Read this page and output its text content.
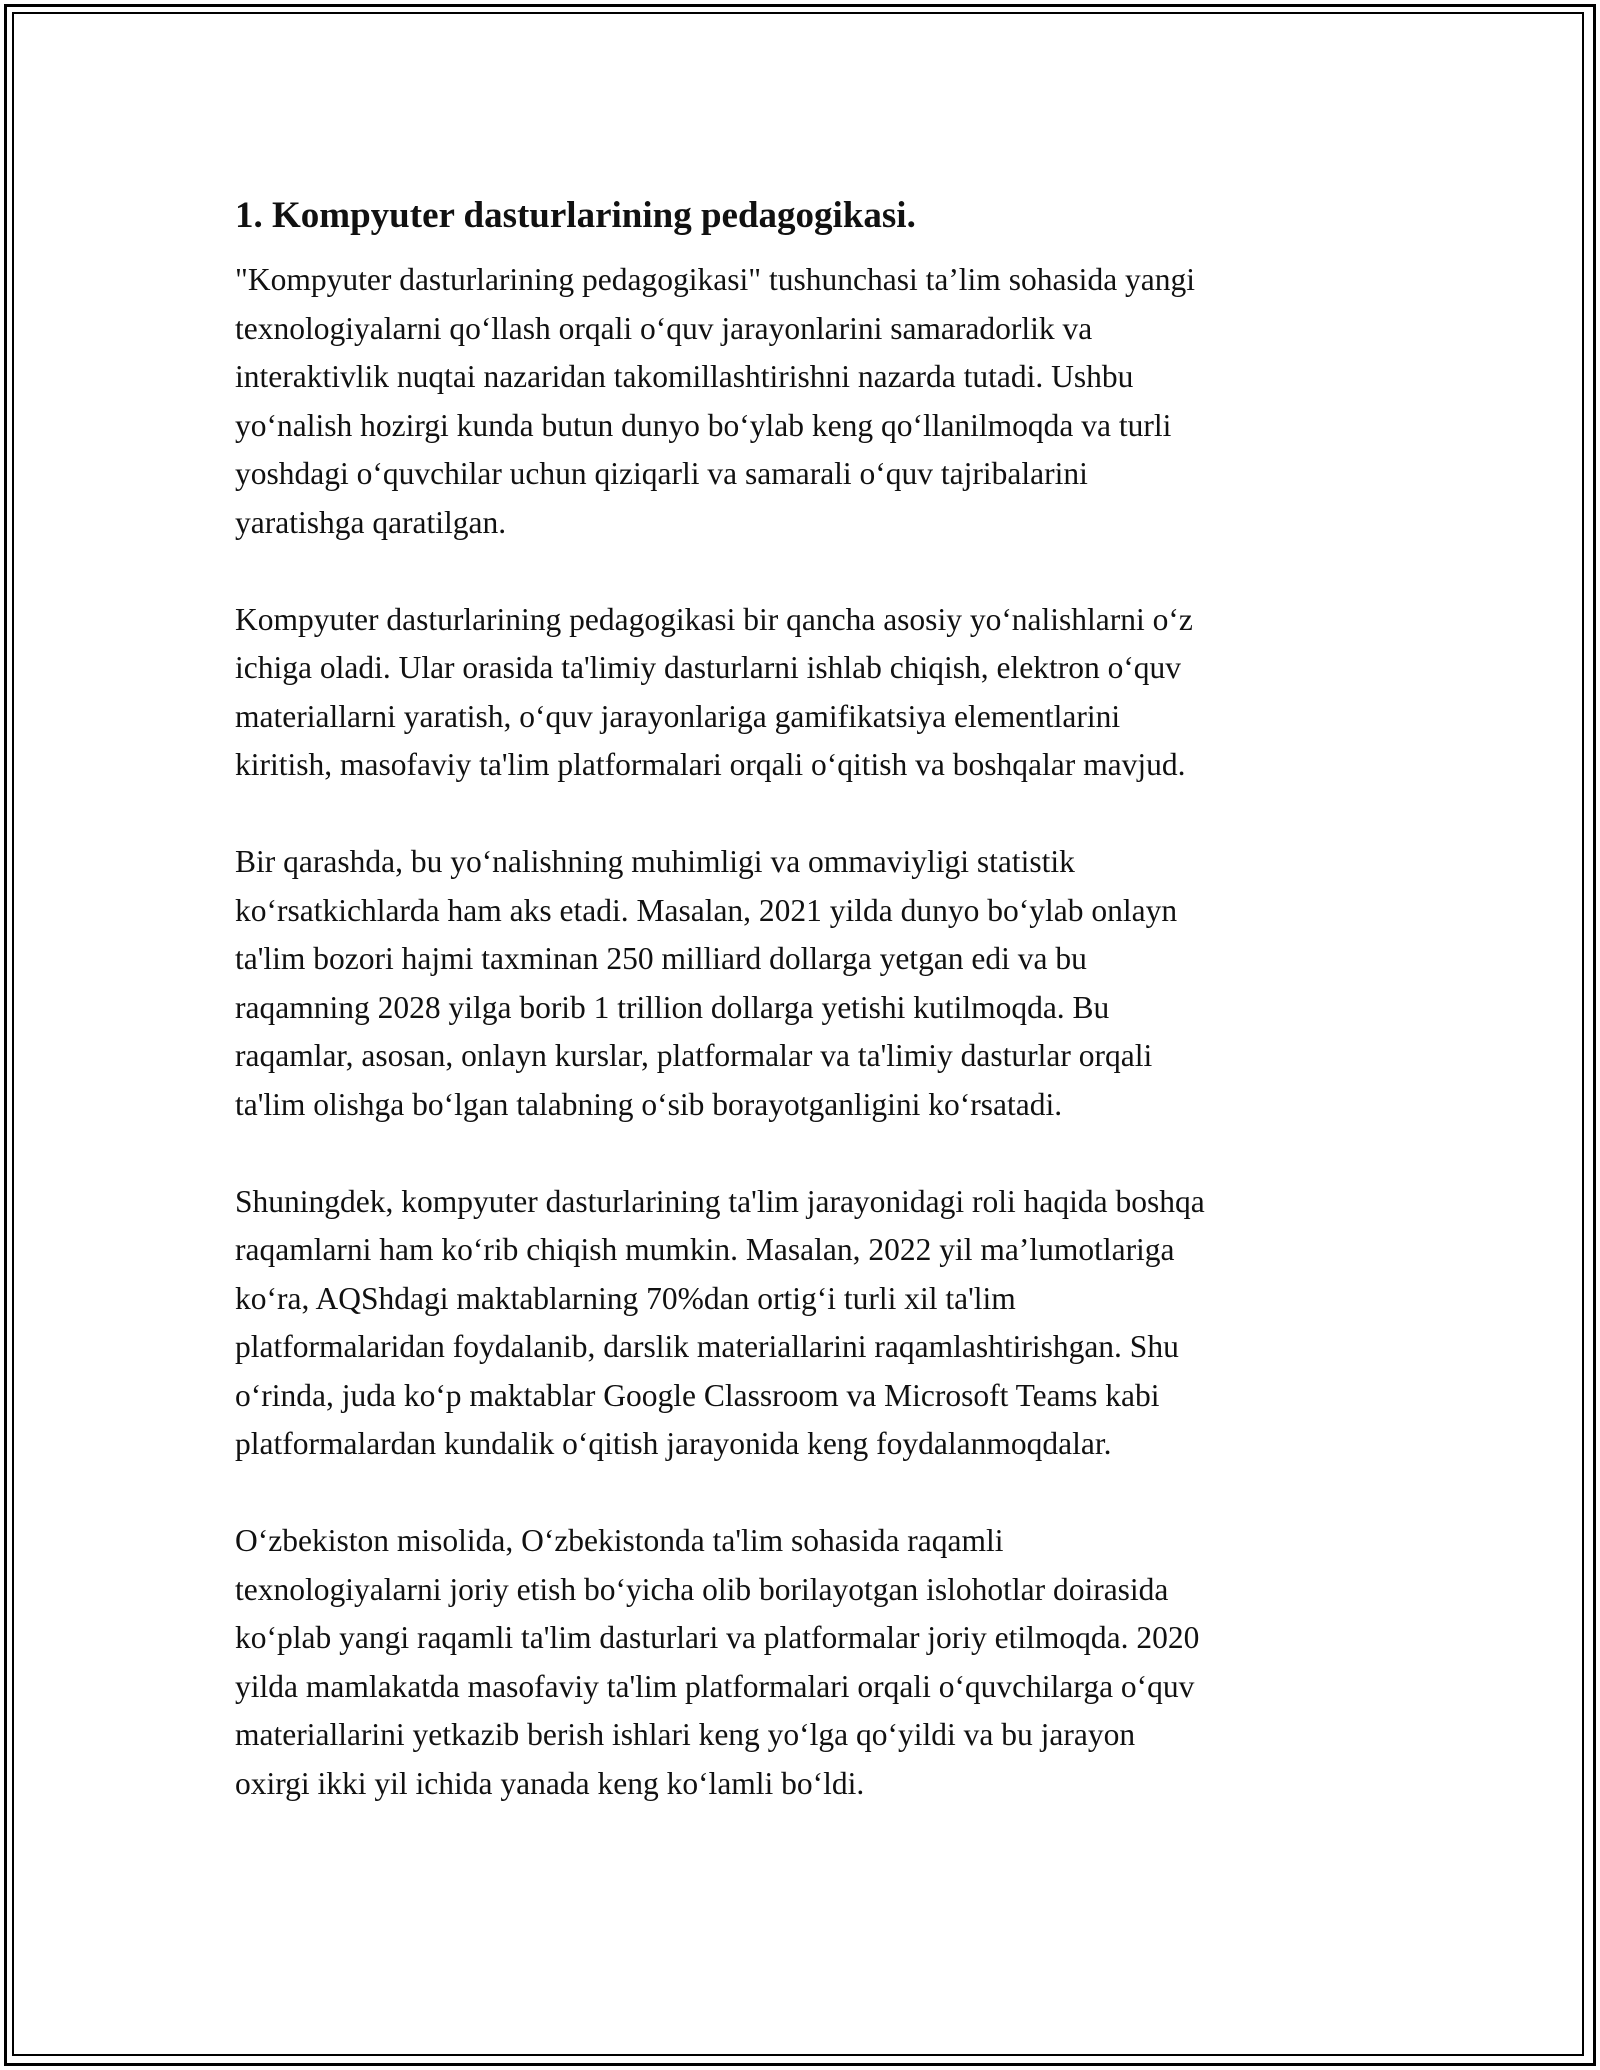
1. Kompyuter dasturlarining pedagogikasi.

"Kompyuter dasturlarining pedagogikasi" tushunchasi ta’lim sohasida yangi
texnologiyalarni qo‘llash orqali o‘quv jarayonlarini samaradorlik va
interaktivlik nuqtai nazaridan takomillashtirishni nazarda tutadi. Ushbu
yo‘nalish hozirgi kunda butun dunyo bo‘ylab keng qo‘llanilmoqda va turli
yoshdagi o‘quvchilar uchun qiziqarli va samarali o‘quv tajribalarini
yaratishga qaratilgan.

Kompyuter dasturlarining pedagogikasi bir qancha asosiy yo‘nalishlarni o‘z
ichiga oladi. Ular orasida ta'limiy dasturlarni ishlab chiqish, elektron o‘quv
materiallarni yaratish, o‘quv jarayonlariga gamifikatsiya elementlarini
kiritish, masofaviy ta'lim platformalari orqali o‘qitish va boshqalar mavjud.

Bir qarashda, bu yo‘nalishning muhimligi va ommaviyligi statistik
ko‘rsatkichlarda ham aks etadi. Masalan, 2021 yilda dunyo bo‘ylab onlayn
ta'lim bozori hajmi taxminan 250 milliard dollarga yetgan edi va bu
raqamning 2028 yilga borib 1 trillion dollarga yetishi kutilmoqda. Bu
raqamlar, asosan, onlayn kurslar, platformalar va ta'limiy dasturlar orqali
ta'lim olishga bo‘lgan talabning o‘sib borayotganligini ko‘rsatadi.

Shuningdek, kompyuter dasturlarining ta'lim jarayonidagi roli haqida boshqa
raqamlarni ham ko‘rib chiqish mumkin. Masalan, 2022 yil ma’lumotlariga
ko‘ra, AQShdagi maktablarning 70%dan ortig‘i turli xil ta'lim
platformalaridan foydalanib, darslik materiallarini raqamlashtirishgan. Shu
o‘rinda, juda ko‘p maktablar Google Classroom va Microsoft Teams kabi
platformalardan kundalik o‘qitish jarayonida keng foydalanmoqdalar.

O‘zbekiston misolida, O‘zbekistonda ta'lim sohasida raqamli
texnologiyalarni joriy etish bo‘yicha olib borilayotgan islohotlar doirasida
ko‘plab yangi raqamli ta'lim dasturlari va platformalar joriy etilmoqda. 2020
yilda mamlakatda masofaviy ta'lim platformalari orqali o‘quvchilarga o‘quv
materiallarini yetkazib berish ishlari keng yo‘lga qo‘yildi va bu jarayon
oxirgi ikki yil ichida yanada keng ko‘lamli bo‘ldi.
